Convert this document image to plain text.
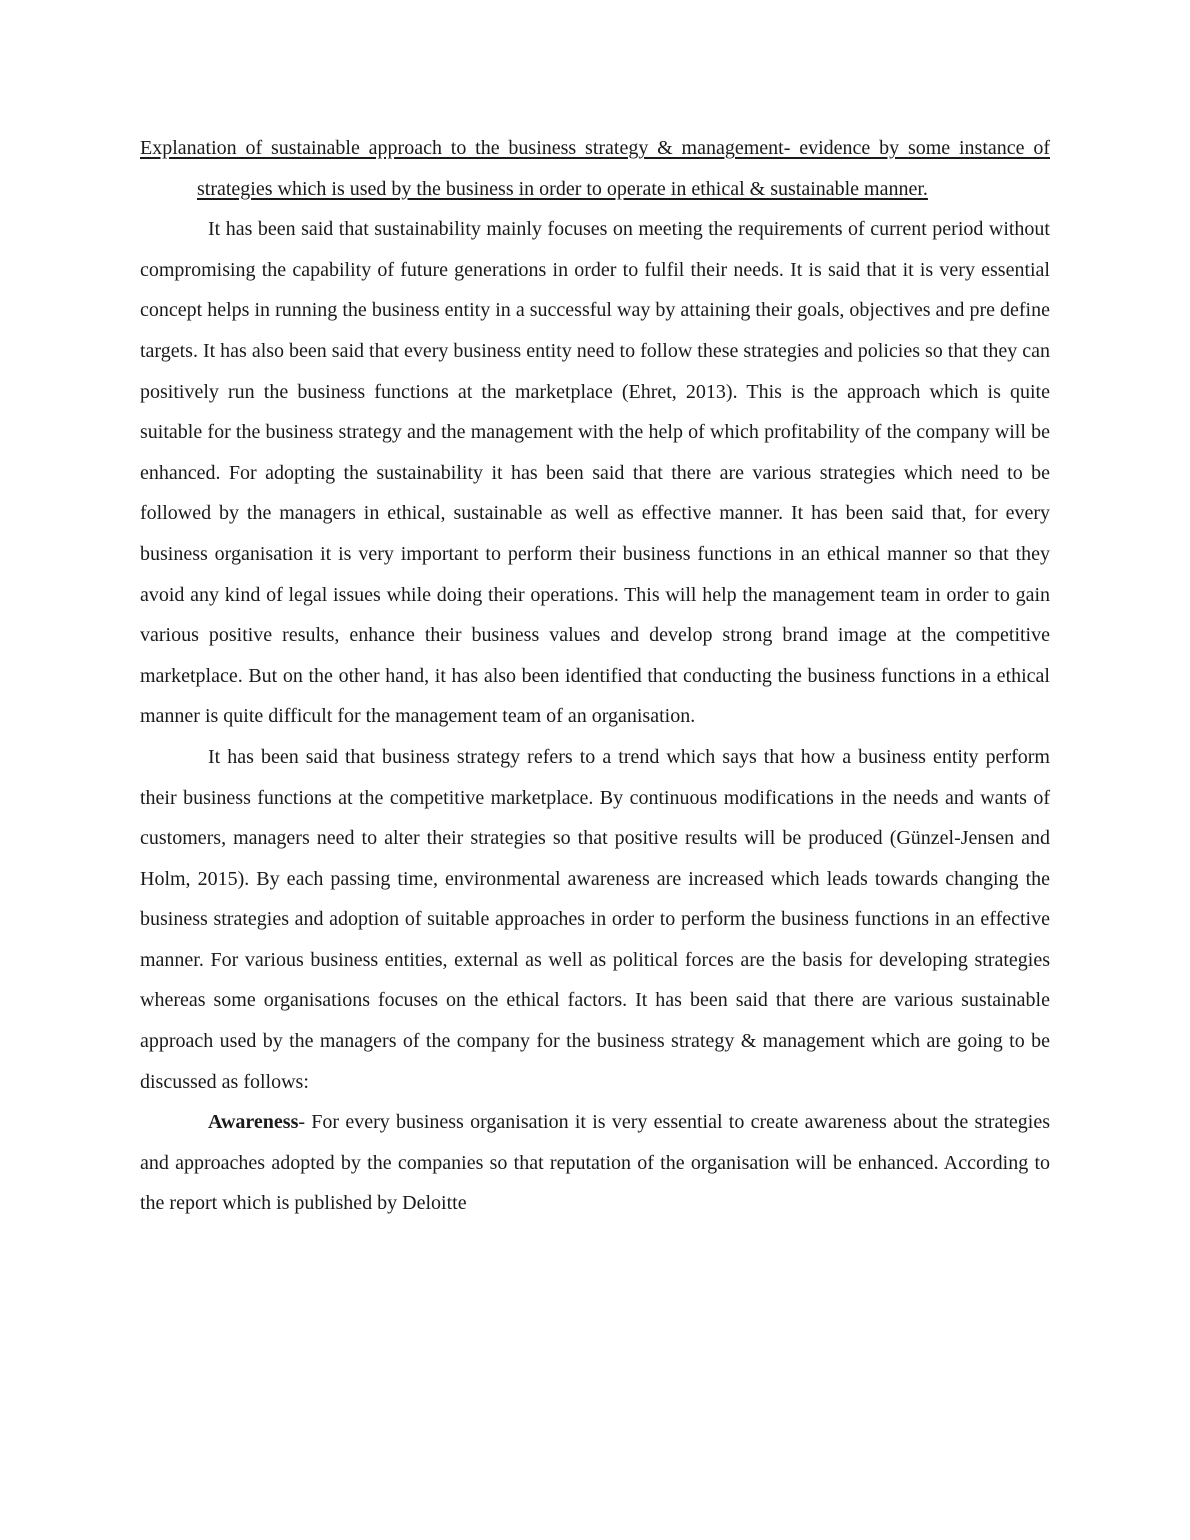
Explanation of sustainable approach to the business strategy & management- evidence by some instance of strategies which is used by the business in order to operate in ethical & sustainable manner.

It has been said that sustainability mainly focuses on meeting the requirements of current period without compromising the capability of future generations in order to fulfil their needs. It is said that it is very essential concept helps in running the business entity in a successful way by attaining their goals, objectives and pre define targets. It has also been said that every business entity need to follow these strategies and policies so that they can positively run the business functions at the marketplace (Ehret, 2013). This is the approach which is quite suitable for the business strategy and the management with the help of which profitability of the company will be enhanced. For adopting the sustainability it has been said that there are various strategies which need to be followed by the managers in ethical, sustainable as well as effective manner. It has been said that, for every business organisation it is very important to perform their business functions in an ethical manner so that they avoid any kind of legal issues while doing their operations. This will help the management team in order to gain various positive results, enhance their business values and develop strong brand image at the competitive marketplace. But on the other hand, it has also been identified that conducting the business functions in a ethical manner is quite difficult for the management team of an organisation.

It has been said that business strategy refers to a trend which says that how a business entity perform their business functions at the competitive marketplace. By continuous modifications in the needs and wants of customers, managers need to alter their strategies so that positive results will be produced (Günzel-Jensen and Holm, 2015). By each passing time, environmental awareness are increased which leads towards changing the business strategies and adoption of suitable approaches in order to perform the business functions in an effective manner. For various business entities, external as well as political forces are the basis for developing strategies whereas some organisations focuses on the ethical factors. It has been said that there are various sustainable approach used by the managers of the company for the business strategy & management which are going to be discussed as follows:

Awareness- For every business organisation it is very essential to create awareness about the strategies and approaches adopted by the companies so that reputation of the organisation will be enhanced. According to the report which is published by Deloitte
